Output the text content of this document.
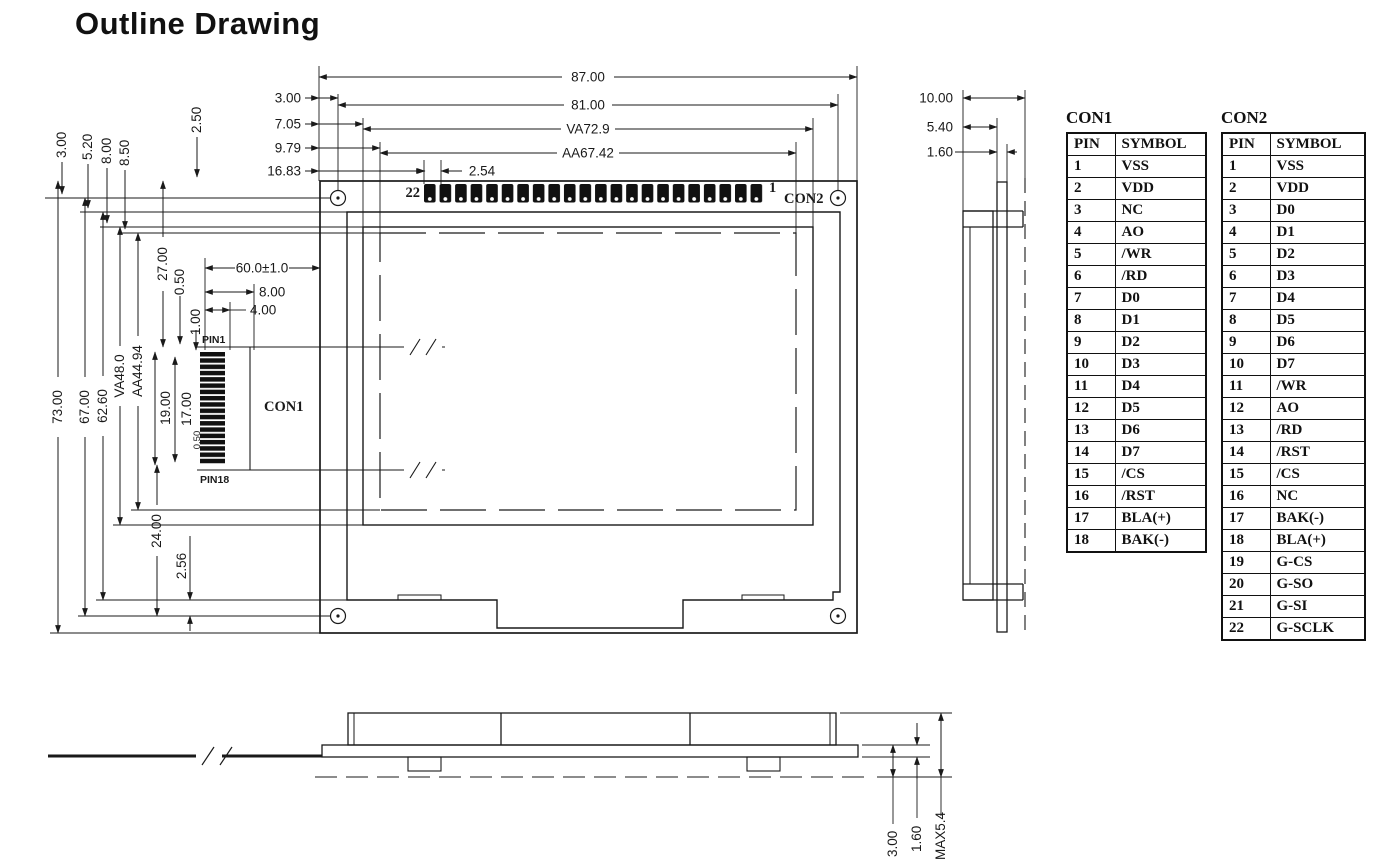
Outline Drawing
87.00
81.00
VA72.9
AA67.42
2.54
16.83
9.79
7.05
3.00
3.00 5.20 8.00 8.50
2.50
73.00 67.00 62.60
VA48.0 AA44.94
27.00
0.50
1.00
60.0±1.0
8.00
4.00
19.00 17.00
0.50
24.00
2.56
22	1
CON2
PIN1
PIN18
CON1
10.00
5.40
1.60
3.00 1.60 MAX5.4
CON1
PIN	SYMBOL
1	VSS
2	VDD
3	NC
4	AO
5	/WR
6	/RD
7	D0
8	D1
9	D2
10	D3
11	D4
12	D5
13	D6
14	D7
15	/CS
16	/RST
17	BLA(+)
18	BAK(-)
CON2
PIN	SYMBOL
1	VSS
2	VDD
3	D0
4	D1
5	D2
6	D3
7	D4
8	D5
9	D6
10	D7
11	/WR
12	AO
13	/RD
14	/RST
15	/CS
16	NC
17	BAK(-)
18	BLA(+)
19	G-CS
20	G-SO
21	G-SI
22	G-SCLK
